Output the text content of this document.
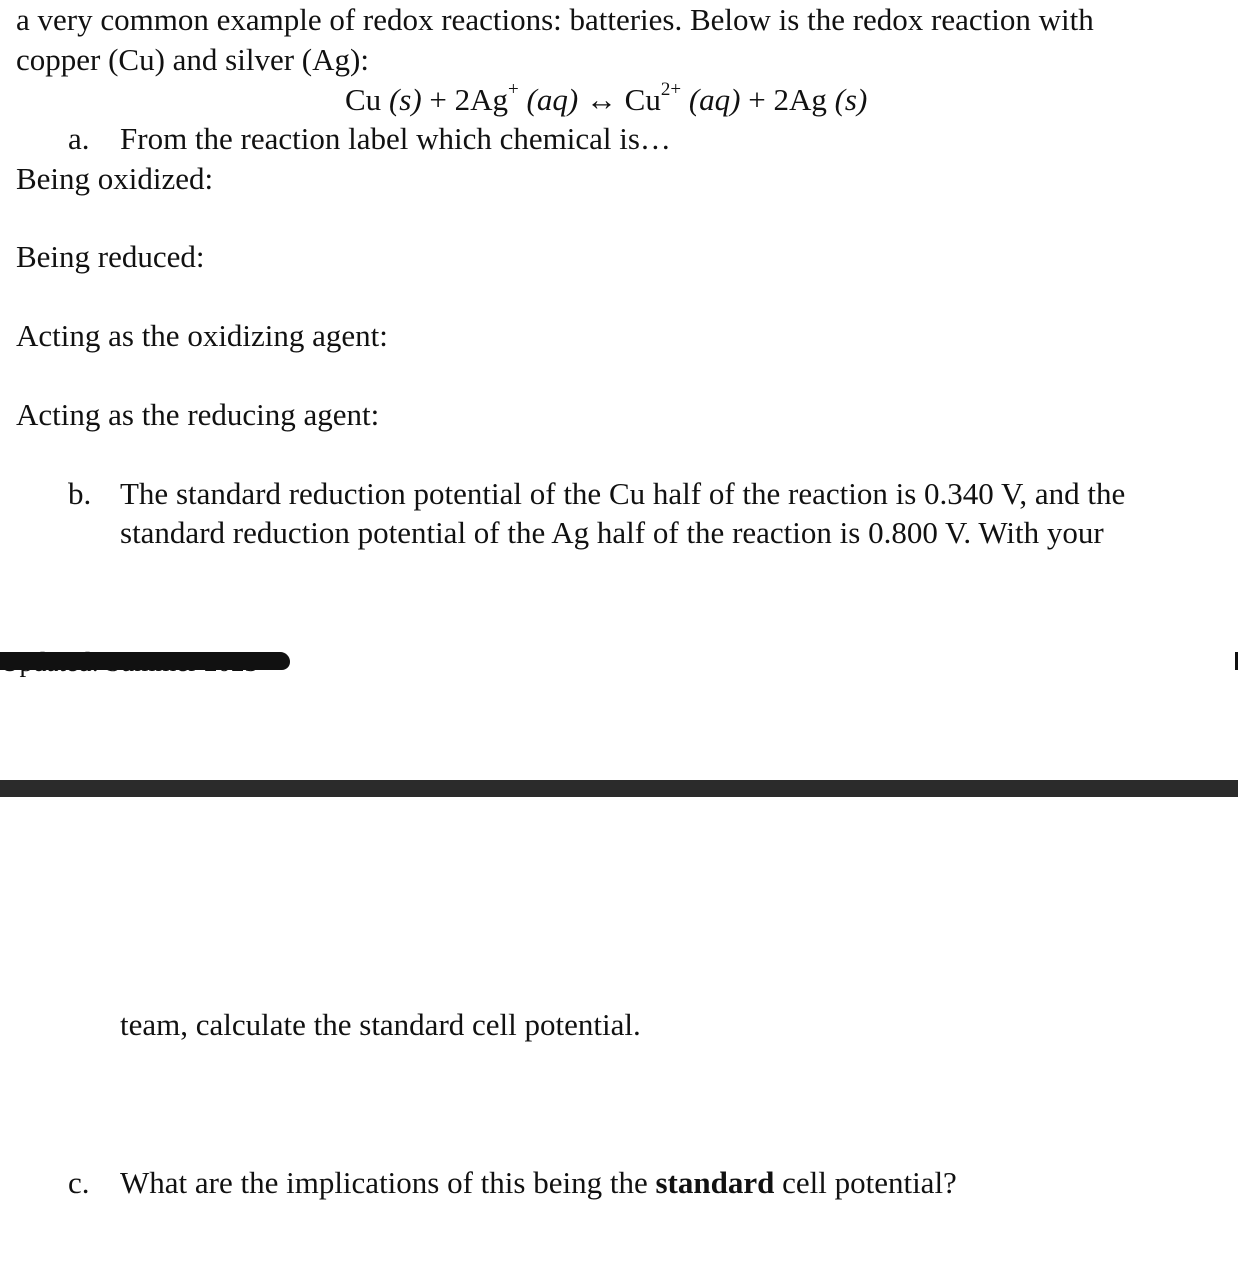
a very common example of redox reactions: batteries. Below is the redox reaction with
copper (Cu) and silver (Ag):
Cu (s) + 2Ag+ (aq) ↔ $Cu^{2+}$ (aq) + 2Ag (s)
a. From the reaction label which chemical is…
Being oxidized:
Being reduced:
Acting as the oxidizing agent:
Acting as the reducing agent:
b. The standard reduction potential of the Cu half of the reaction is 0.340 V, and the
standard reduction potential of the Ag half of the reaction is 0.800 V. With your
team, calculate the standard cell potential.
c. What are the implications of this being the standard cell potential?
